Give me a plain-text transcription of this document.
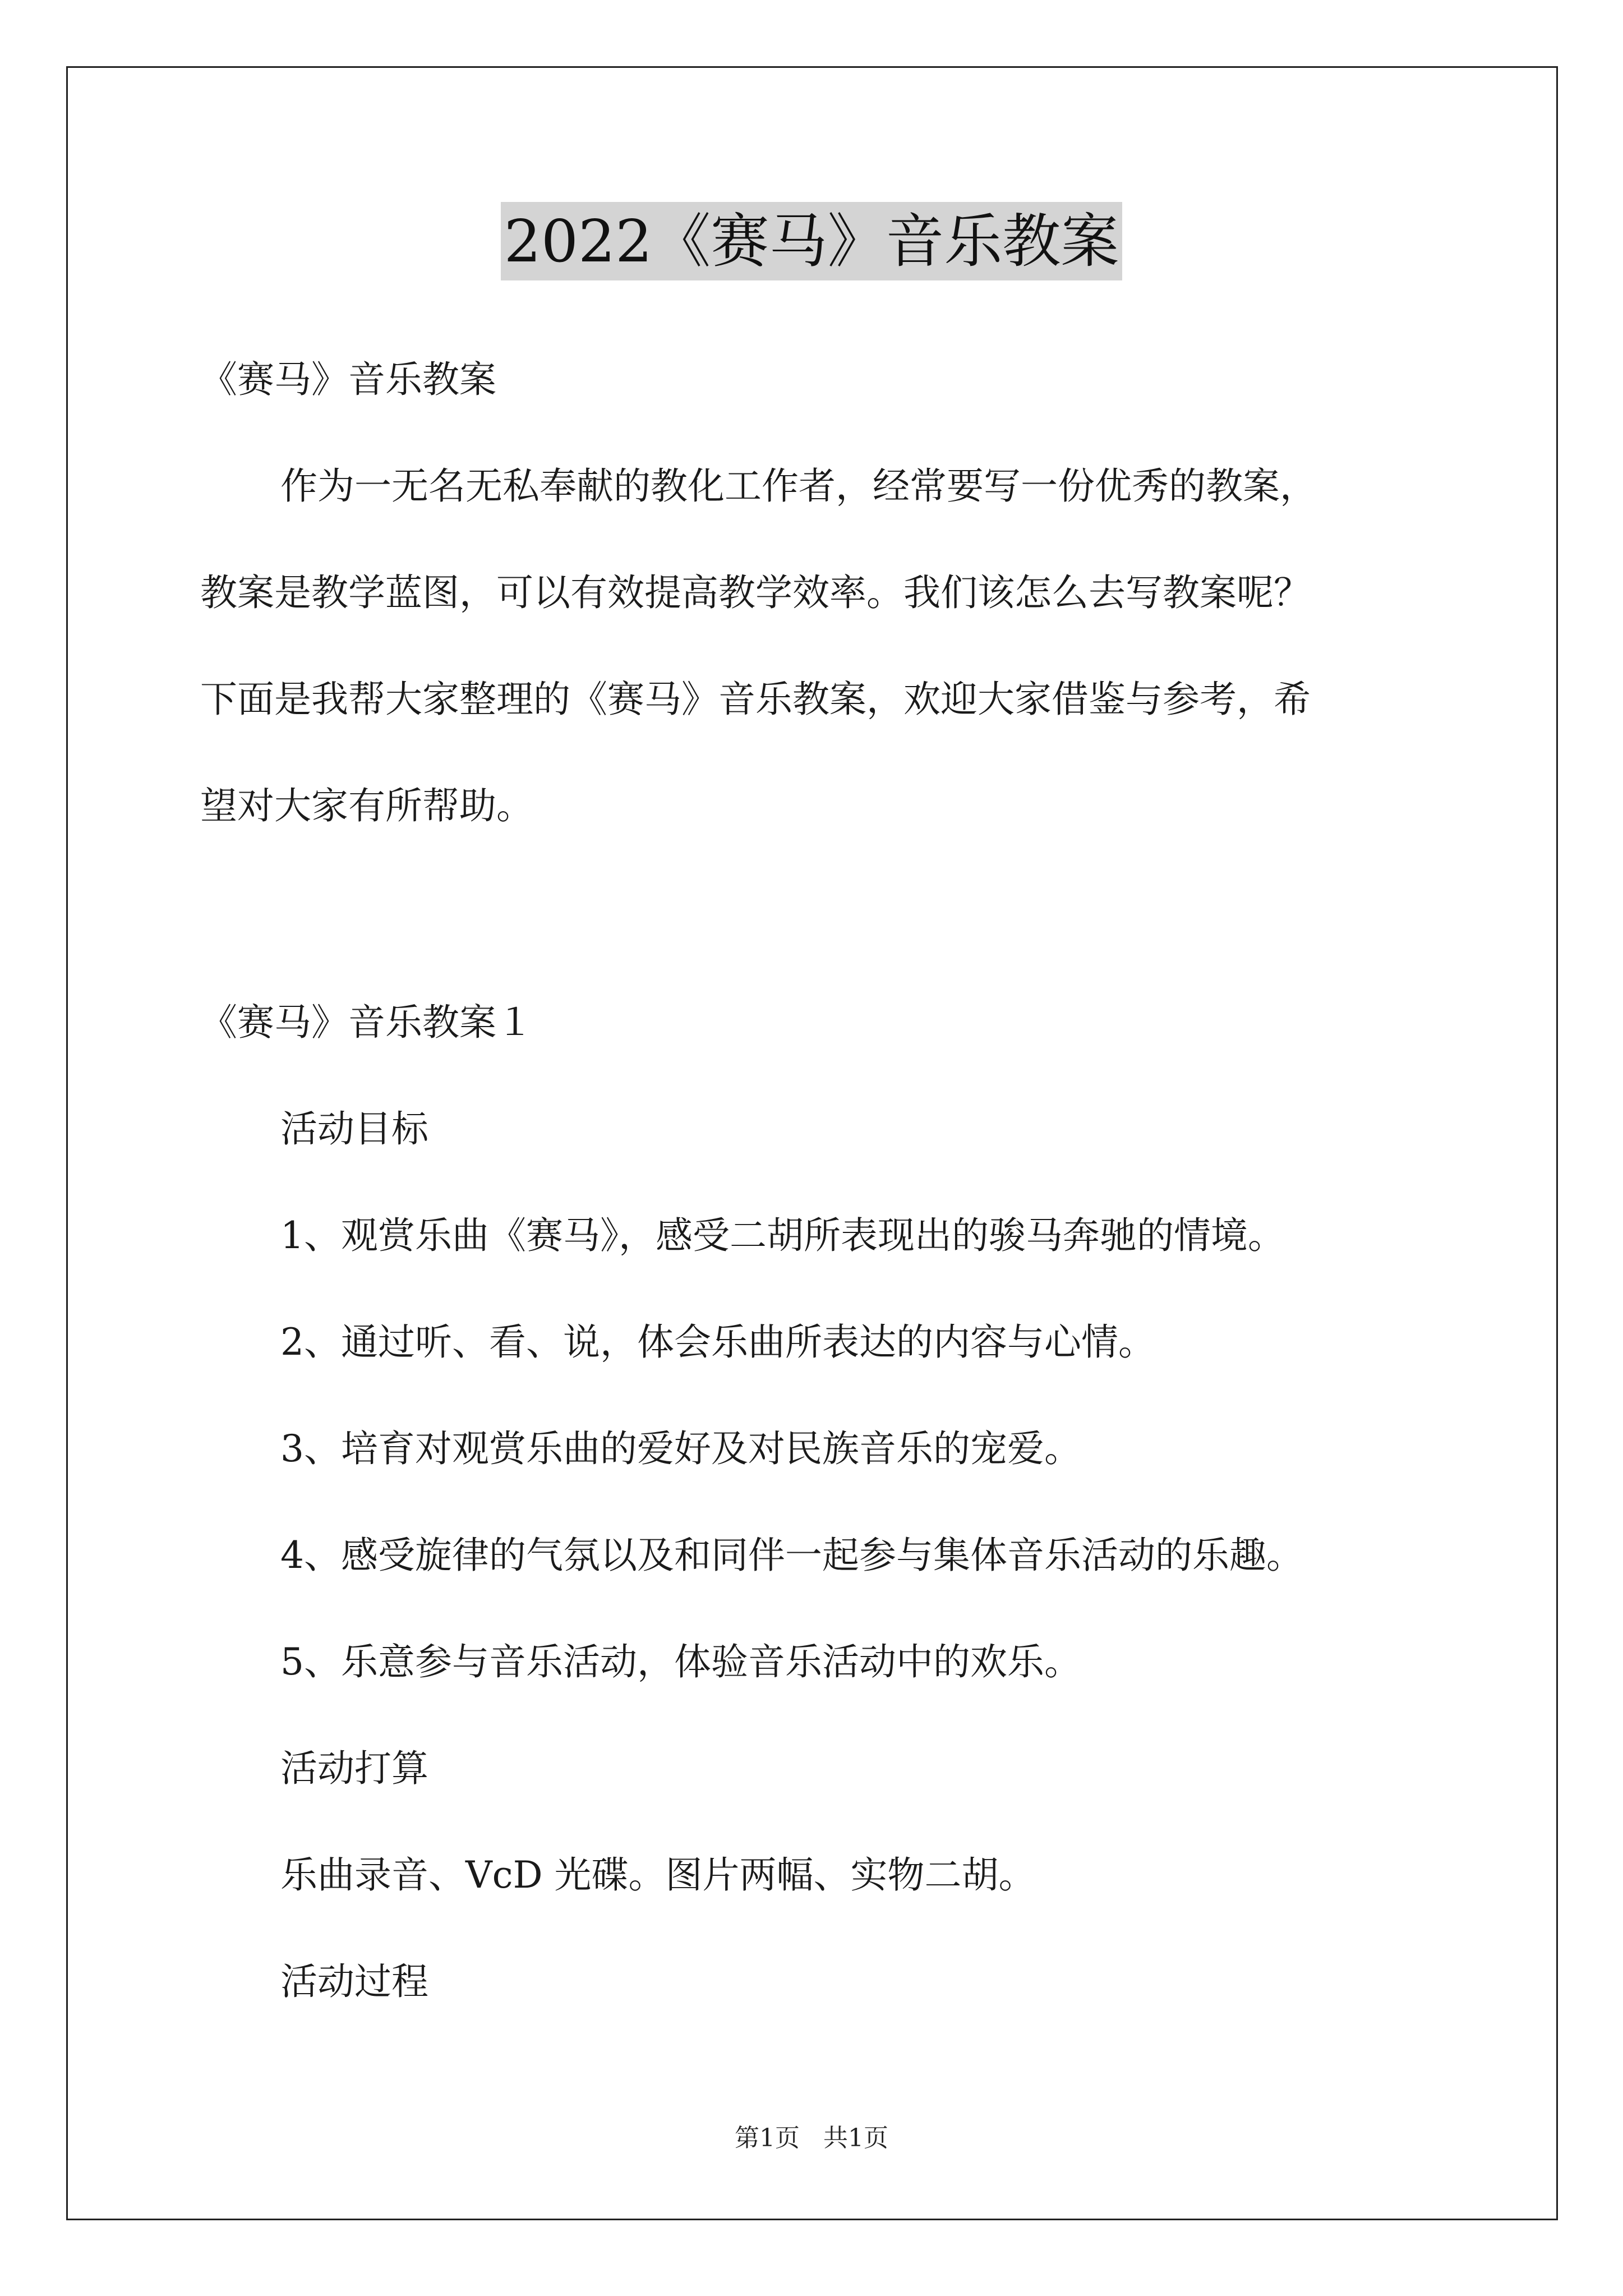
2022《赛马》音乐教案
《赛马》音乐教案
作为一无名无私奉献的教化工作者，经常要写一份优秀的教案，
教案是教学蓝图，可以有效提高教学效率。我们该怎么去写教案呢？
下面是我帮大家整理的《赛马》音乐教案，欢迎大家借鉴与参考，希
望对大家有所帮助。
《赛马》音乐教案１
活动目标
1、观赏乐曲《赛马》，感受二胡所表现出的骏马奔驰的情境。
2、通过听、看、说，体会乐曲所表达的内容与心情。
3、培育对观赏乐曲的爱好及对民族音乐的宠爱。
4、感受旋律的气氛以及和同伴一起参与集体音乐活动的乐趣。
5、乐意参与音乐活动，体验音乐活动中的欢乐。
活动打算
乐曲录音、VcD 光碟。图片两幅、实物二胡。
活动过程
第1页 共1页
